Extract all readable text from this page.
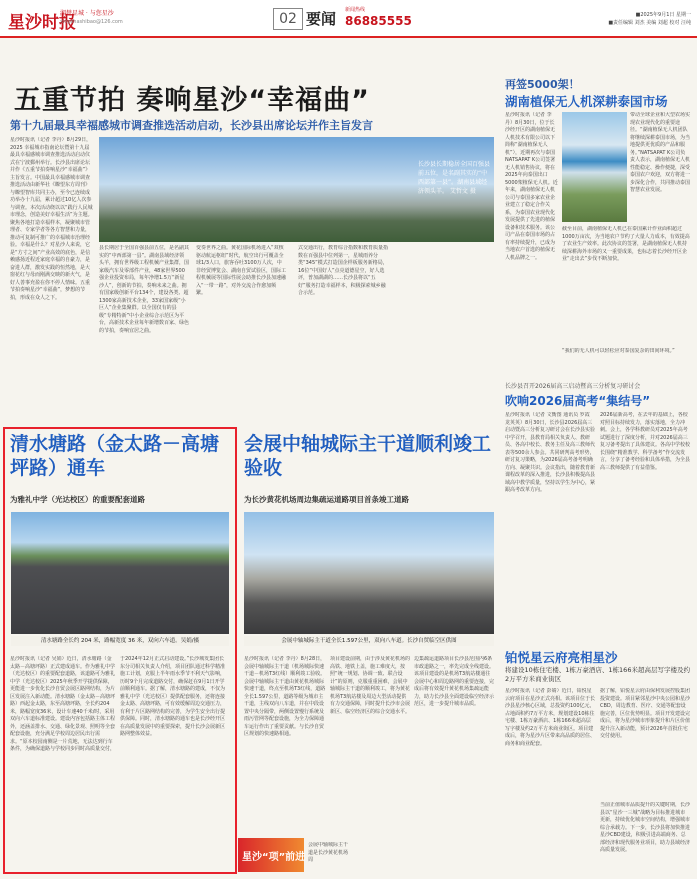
星沙时报
湘楚星城 · 与您星沙
xingshashibao@126.com	02 要闻 新闻热线
86885555	■2025年9月1日 星期一
■责任编辑 刘杰 美编 刘超 校对 汪纯
五重节拍 奏响星沙“幸福曲”
第十九届最具幸福感城市调查推选活动启动，长沙县出席论坛并作主旨发言
星沙时报讯（记者 李丹）8月29日，2025 幸福城市指南论坛暨第十九届最具幸福感城市调查推选活动启动仪式在宁波鄞州举行。长沙县出席论坛并作《五重节拍奏响星沙“幸福曲”》主旨发言。中国最具幸福感城市调查推选活动由新华社《瞭望东方周刊》与瞭望智库共同主办，至今已连续成功举办十九届，累计超过10亿人次参与调查。本次活动绕以以“践行人民城市理念，创造美好幸福生活”为主题。聚焦各地打造幸福样本，凝聚城市管理者、专家学者等各方智慧和力量，推动可复制可推广的幸福城市治理经验。幸福是什么？对星沙人来说，它是“方寸之间”产业高效的底色，是信赖感扬近程近家庭幸福的自豪力，是奋进人群，激发实践的恒然地，是大窗花红与母而刚满交映的新火气，是好人善事充盈在你不停人情味。五重节拍奏响星沙“幸福曲”，梦想的节拍，形成在众人之下。
长沙县长期稳居全国百强县前五位，是名副其实的“中西部第一县”。湖南县域经济领头羊。 艾哲文 摄
县长期居于全国百强县前五位，是名副其实的“中西部第一县”。湖南县域经济领头羊，拥有世界级工程机械产业集群，国家级汽车及零部件产业，48家世界500强企业投资布局，每年净增1.5万“新星沙人”，创新的节拍，奏响未来之曲。拥有国家级创新平台134个，建设各类、超1300家高新技术企业，33家国家级“小巨人”企业集聚群。以全国仅有的县级“专精特新”中小企业综合示范区为平台，高新技术企业每年新增数百家、绿色的节拍，奏响宜居之曲。
变奏世界之曲。黄花国际机场进入“双核驱动航运枢纽”时代，航空出行可覆盖全球1/3人口，旅客吞吐3100万人次，中非经贸博览会、湖南自贸试验区，国际工程机械展等国际性展会助推长沙县加速融入“一带一路”，对外交流合作愈加频繁。
式交通出行，教育综合指数和教育质量指数在百强县中位列第一，星城雨养分类“345”模式打造国企样板服务新格局，16位“中国好人”点亮道德星空，好人选评，普加湖湖的……长沙县将以“五好”服务打造幸福样本，积极探索城乡融合示范。
清水塘路（金太路－高塘坪路）通车
为雅礼中学（光达校区）的重要配套道路
清水塘路全长约 204 米，路幅宽度 36 米，双向六车道。吴娟/摄
星沙时报讯（记者 吴娟）近日，清水塘路（金太路－高塘坪路）正式建成通车。作为雅礼中学（光达校区）的重要配套道路，该道路可为雅礼中学（光达校区）2025年秋季开学提供保障，更能进一步优化长沙自贸会展区路网结构，为片区发展注入新动能。清水塘路（金太路－高塘坪路）西起金太路，东至高塘坪路，全长约204米，路幅宽度36米，设计车速40千米/时，采用双向六车道标准建设。建设内容包括路主体工程外，还涵盖排水、交通、绿化景观、照明等全套配套设施，充分满足学校周边居民出行需求。“原本校园南侧是一片荒地，无法达到行车条件，为确保道路与学校同步同时高质量交付，
于2024年12月正式启动建设。”长沙城发集团长东分司相关负责人介绍，项目团队通过科学精准施工计划，克服上半年雨水季节不利天气影响，历时9个月完成道路交付，确保赶在9月1日开学前顺利通车。据了解，清水塘路的建成，不仅为雅礼中学（光达校区）提供配套服务，还将连接金太路、高塘坪路，可有效缓解周边交通压力，有利于片区路网结构的完善，为学生安全出行提供保障。同时，清水塘路的通车也是长沙经开区在高质量发展中的重要探索，提升长沙会展新区路网整体效益。
会展中轴城际主干道顺利竣工验收
为长沙黄花机场周边集疏运道路项目首条竣工道路
会展中轴城际主干道全长1.597公里，双向八车道。长沙自贸临空区供图
星沙时报讯（记者 李丹）8月28日，会展中轴城际主干道（机场城际快速干道－机场T3红线）顺利竣工验收。会展中轴城际主干道由黄花机场城际快速干道，终点至机场T3红线，道路全长1.597公里，道路等级为城市主干道，主线双向八车道，并在中段设置中央分隔带，两侧设置慢行系统及雨污管网等配套设施，为全力保障通车运行作出了重要贡献。与长沙自贸区规划的快速路相通。
项目建设前期，由于涉及黄花机场的高铁、地铁上盖，施工难度大，按照“统一规划、协调一致、联合设计”的原则，克服重重困难，会展中轴城际主干道的顺利竣工，将为黄花机场T3航站楼及周边大型活动提供有力交通保障，同时提升长沙市会展新区、临空经济区的综合交通水平。
边集疏运道路项目长沙县范围内6条市政道路之一，率先完成全线建设。该项目建设的是机场T3航站楼通往会展中心和周边路网的重要连接，完成后将有效提升黄花机场集疏运能力，助力长沙县全面建设临空经济示范区，进一步提升城市品质。
星沙“项”前进
会展中轴城际主干道是长沙黄花机场周
再签5000架！
湖南植保无人机深耕泰国市场
星沙时报讯（记者 李丹）8月30日，位于长沙经开区的湖南植保无人机技术有限公司以下简称“湖南植保无人机”），近期再次与泰国NATSAPAT K公司签署无人机销售协议，将在2025年向泰国出口5000架植保无人机。近年来，湖南植保无人机公司与泰国多家农业企业建立了稳定合作关系，为泰国农业现代化发展提供了先进的植保设备和技术服务。该公司产品在泰国市场的占有率持续提升，已成为当地农户首选的植保无人机品牌之一。
带动全球企业和大型农场实现农业现代化的重要途径。“湖南植保无人机团队将继续深耕泰国市场，为当地提供更优质的产品和服务。”NATSAPAT K公司负责人表示，湖南植保无人机性能稳定、操作便捷，深受泰国农户欢迎，双方将进一步深化合作，共同推动泰国智慧农业发展。
截至目前，湖南植保无人机已在泰国累计作业面积超过1000万亩次，为当地农户节约了大量人力成本，有效提高了农业生产效率。此次协议的签署，是湖南植保无人机持续深耕海外市场的又一重要成果，也标志着长沙经开区企业“走出去”步伐不断加快。
“我们的无人机可以轻松应对泰国复杂的田间环境。”
长沙县召开2026届高三启动暨高三分析复习研讨会
吹响2026届高考“集结号”
星沙时报讯（记者 文衡图 通讯员 罗霞 龙英英）8月30日，长沙县2026届高三启动暨高三分析复习研讨会在长沙县实验中学召开，县教育局相关负责人、教研员、各高中校长、教务主任及高三教师代表等500余人参会。共同研判高考形势，研讨复习策略，为2026届高考备考明确方向、凝聚共识。会议指出，随着教育新课程改革的深入推进，长沙县积极提高县域高中教学质量，坚持以学生为中心，紧跟高考改革方向。
2026届新高考，在去年的基础上，各校对照目标持续发力，落实落地，全力冲刺。会上，各学科教研员对2025年高考试题进行了深度分析，并对2026届高三复习备考提出了具体建议。各高中学校校长围绕“精准教学、科学备考”作交流发言，分享了备考经验和具体举措，为全县高三教师提供了有益借鉴。
铂悦星云府亮相星沙
将建设10栋住宅楼、1栋万豪酒店、1栋166米超高层写字楼及约2万平方米商业街区
星沙时报讯（记者 彭婧）近日，铂悦星云府项目在星沙正式亮相。该项目位于长沙县星沙核心区域，总投资约100亿元，占地面积约7万平方米，规划建设10栋住宅楼、1栋万豪酒店、1栋166米超高层写字楼及约2万平方米商业街区。项目建成后，将为星沙片区带来高品质的居住、商务和商业配套。
据了解，铂悦星云府由保利发展控股集团投资建设。项目紧邻星沙中央公园和星沙CBD，周边教育、医疗、交通等配套设施完善，区位优势明显。项目开发建设完成后，将为星沙城市形象提升和片区价值提升注入新动能，预计2026年首批住宅交付使用。
当前正值城市品质提升的关键时期，长沙县以“星沙一三城”战略为目标推进城市更新，持续优化城市空间结构，增强城市综合承载力。下一步，长沙县将加快推进星沙CBD建设，积极引进高端商务、总部经济和现代服务业项目，助力县域经济高质量发展。
